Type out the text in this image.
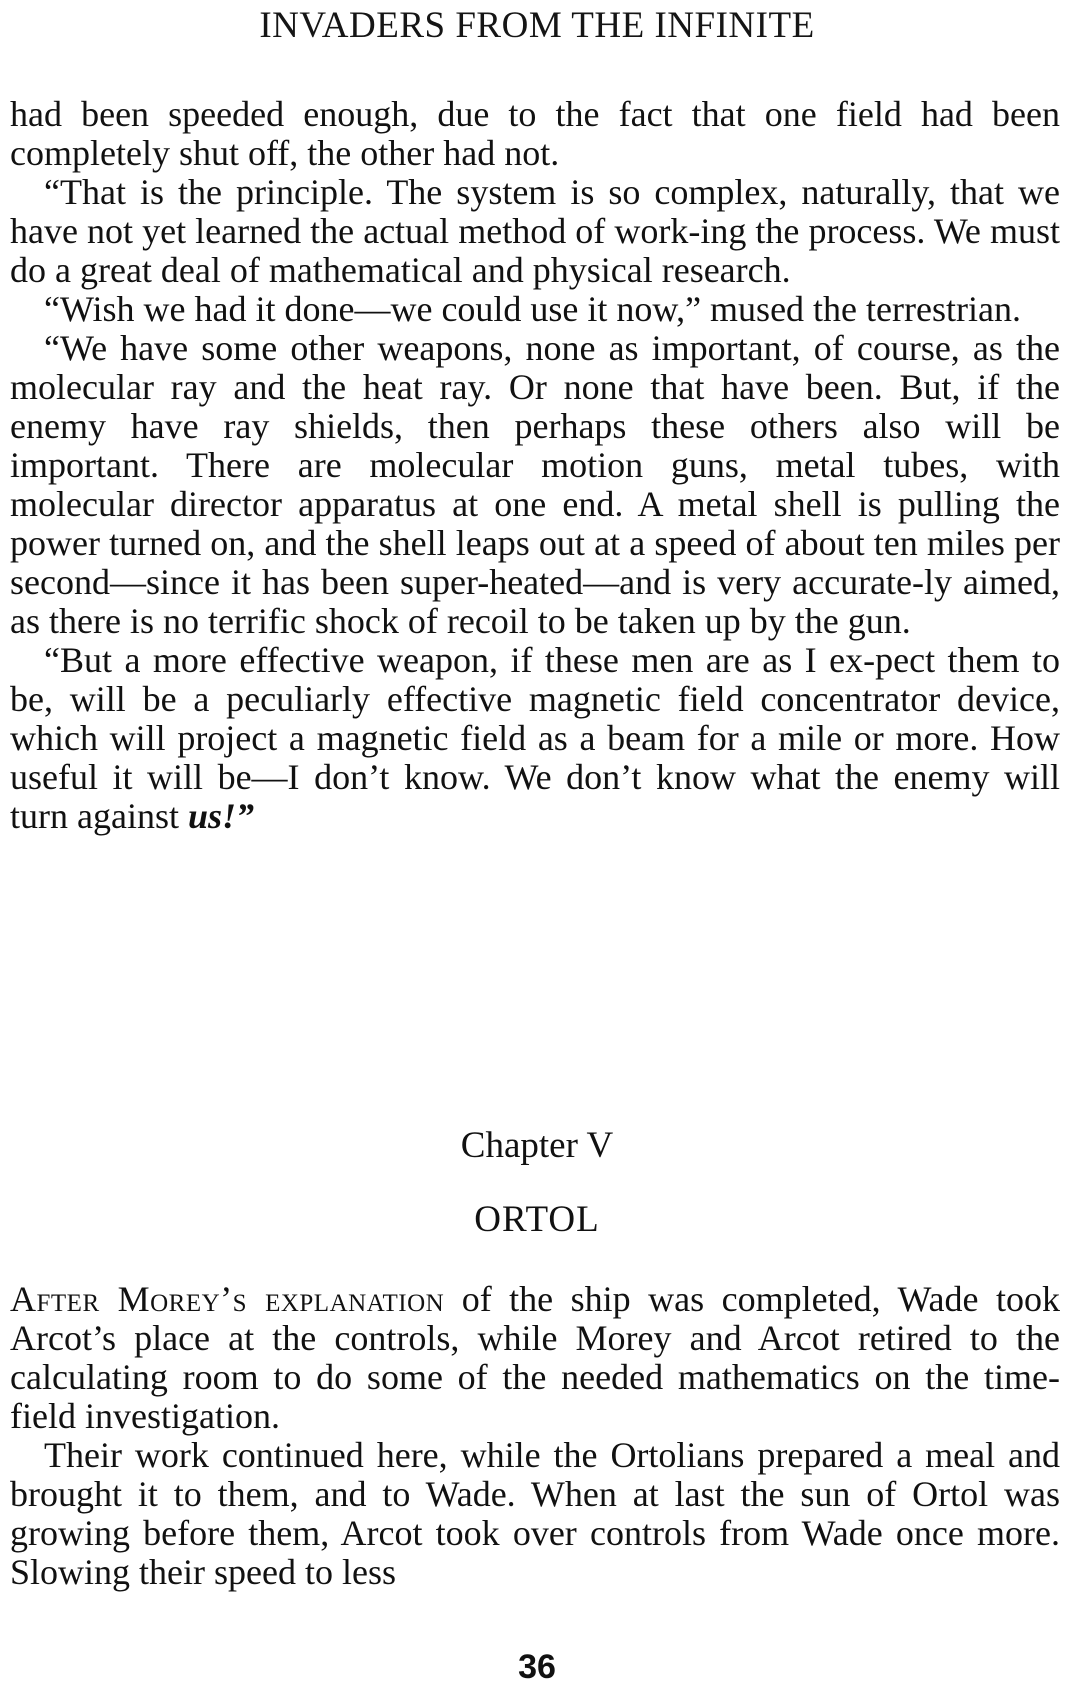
INVADERS FROM THE INFINITE

had been speeded enough, due to the fact that one field had been completely shut off, the other had not.

“That is the principle. The system is so complex, naturally, that we have not yet learned the actual method of work-ing the process. We must do a great deal of mathematical and physical research.

“Wish we had it done—we could use it now,” mused the terrestrian.

“We have some other weapons, none as important, of course, as the molecular ray and the heat ray. Or none that have been. But, if the enemy have ray shields, then perhaps these others also will be important. There are molecular motion guns, metal tubes, with molecular director apparatus at one end. A metal shell is pulling the power turned on, and the shell leaps out at a speed of about ten miles per second—since it has been super-heated—and is very accurate-ly aimed, as there is no terrific shock of recoil to be taken up by the gun.

“But a more effective weapon, if these men are as I ex-pect them to be, will be a peculiarly effective magnetic field concentrator device, which will project a magnetic field as a beam for a mile or more. How useful it will be—I don’t know. We don’t know what the enemy will turn against us!”

Chapter V
ORTOL

After Morey’s explanation of the ship was completed, Wade took Arcot’s place at the controls, while Morey and Arcot retired to the calculating room to do some of the needed mathematics on the time-field investigation.

Their work continued here, while the Ortolians prepared a meal and brought it to them, and to Wade. When at last the sun of Ortol was growing before them, Arcot took over controls from Wade once more. Slowing their speed to less

36
